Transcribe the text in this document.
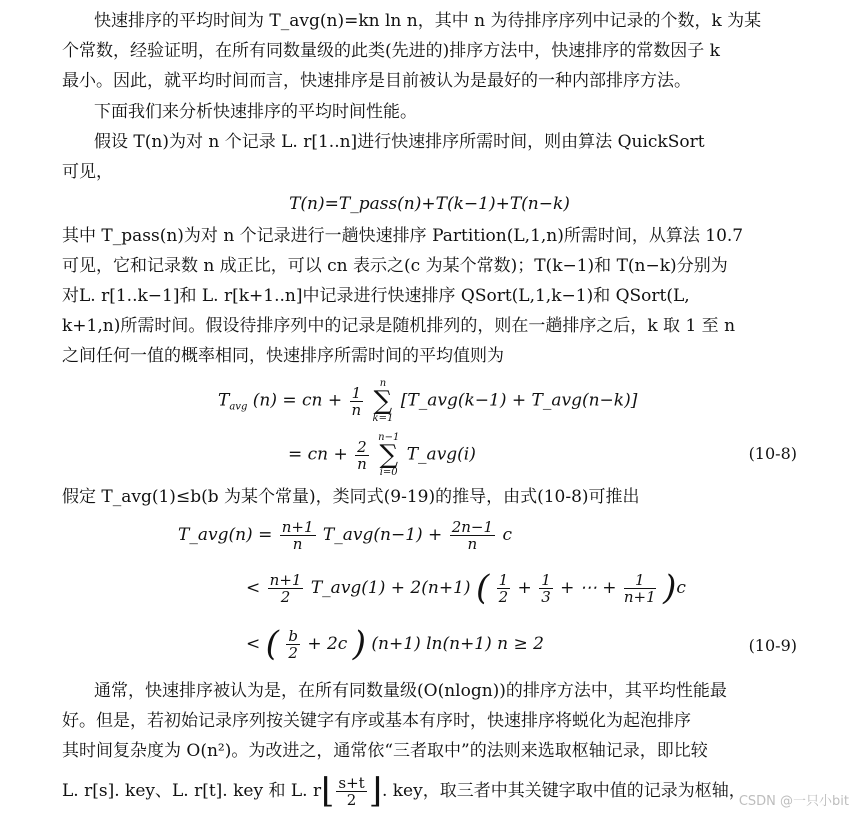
快速排序的平均时间为 T_avg(n)=kn ln n，其中 n 为待排序序列中记录的个数，k 为某
个常数，经验证明，在所有同数量级的此类(先进的)排序方法中，快速排序的常数因子 k
最小。因此，就平均时间而言，快速排序是目前被认为是最好的一种内部排序方法。
下面我们来分析快速排序的平均时间性能。
假设 T(n)为对 n 个记录 L. r[1..n]进行快速排序所需时间，则由算法 QuickSort
可见，
T(n)=T_pass(n)+T(k−1)+T(n−k)
其中 T_pass(n)为对 n 个记录进行一趟快速排序 Partition(L,1,n)所需时间，从算法 10.7
可见，它和记录数 n 成正比，可以 cn 表示之(c 为某个常数)；T(k−1)和 T(n−k)分别为
对L. r[1..k−1]和 L. r[k+1..n]中记录进行快速排序 QSort(L,1,k−1)和 QSort(L,
k+1,n)所需时间。假设待排序列中的记录是随机排列的，则在一趟排序之后，k 取 1 至 n
之间任何一值的概率相同，快速排序所需时间的平均值则为
$T_{avg}$ (n) = cn + $\frac{1}{n}$
n
∑
k=1 [T_avg(k−1) + T_avg(n−k)]
= cn + $\frac{2}{n}$
n−1
∑
i=0 T_avg(i)	(10-8)
假定 T_avg(1)≤b(b 为某个常量)，类同式(9-19)的推导，由式(10-8)可推出
T_avg(n) = $\frac{n+1}{n}$ T_avg(n−1) + $\frac{2n-1}{n}$ c
< $\frac{n+1}{2}$ T_avg(1) + 2(n+1) ( $\frac{1}{2} + \frac{1}{3}$ + ⋯ + $\frac{1}{n+1} )c$
< ( $\frac{b}{2} + 2c$ ) (n+1) ln(n+1) n ≥ 2	(10-9)
通常，快速排序被认为是，在所有同数量级(O(nlogn))的排序方法中，其平均性能最
好。但是，若初始记录序列按关键字有序或基本有序时，快速排序将蜕化为起泡排序
其时间复杂度为 O(n²)。为改进之，通常依“三者取中”的法则来选取枢轴记录，即比较
L. r[s]. key、L. r[t]. key 和 L. r⌊ $\frac{s+t}{2}$ ⌋. key，取三者中其关键字取中值的记录为枢轴，
CSDN @一只小bit
